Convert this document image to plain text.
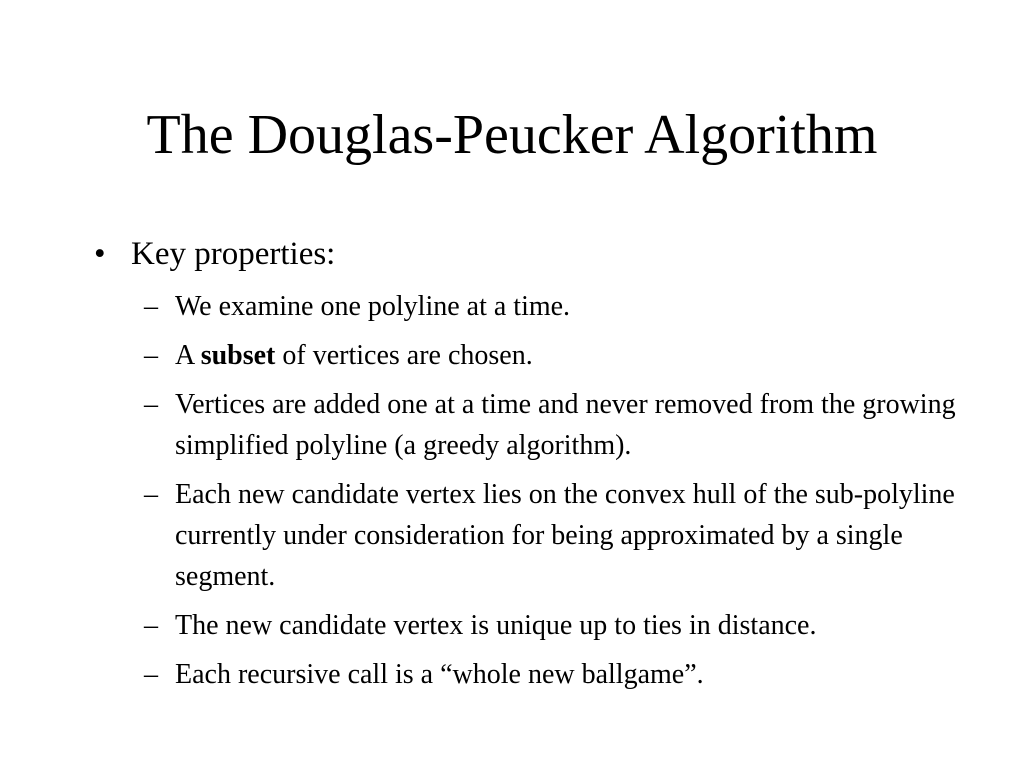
The Douglas-Peucker Algorithm
• Key properties:
– We examine one polyline at a time.
– A subset of vertices are chosen.
– Vertices are added one at a time and never removed from the growing simplified polyline (a greedy algorithm).
– Each new candidate vertex lies on the convex hull of the sub-polyline currently under consideration for being approximated by a single segment.
– The new candidate vertex is unique up to ties in distance.
– Each recursive call is a “whole new ballgame”.
